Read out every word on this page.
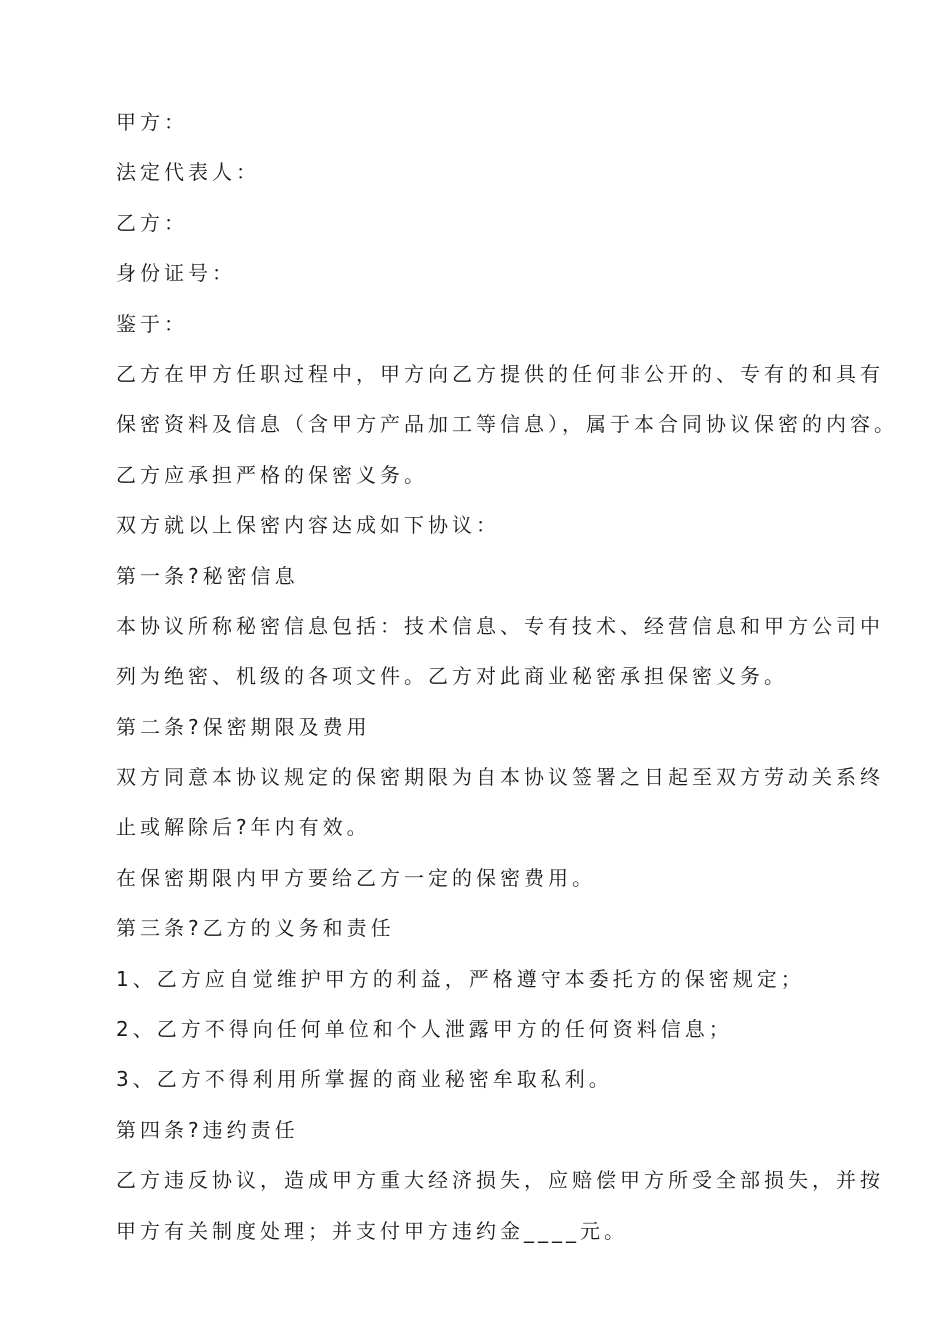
甲方：
法定代表人：
乙方：
身份证号：
鉴于：
乙方在甲方任职过程中，甲方向乙方提供的任何非公开的、专有的和具有
保密资料及信息（含甲方产品加工等信息），属于本合同协议保密的内容。
乙方应承担严格的保密义务。
双方就以上保密内容达成如下协议：
第一条?秘密信息
本协议所称秘密信息包括：技术信息、专有技术、经营信息和甲方公司中
列为绝密、机级的各项文件。乙方对此商业秘密承担保密义务。
第二条?保密期限及费用
双方同意本协议规定的保密期限为自本协议签署之日起至双方劳动关系终
止或解除后?年内有效。
在保密期限内甲方要给乙方一定的保密费用。
第三条?乙方的义务和责任
1、乙方应自觉维护甲方的利益，严格遵守本委托方的保密规定；
2、乙方不得向任何单位和个人泄露甲方的任何资料信息；
3、乙方不得利用所掌握的商业秘密牟取私利。
第四条?违约责任
乙方违反协议，造成甲方重大经济损失，应赔偿甲方所受全部损失，并按
甲方有关制度处理；并支付甲方违约金____元。
